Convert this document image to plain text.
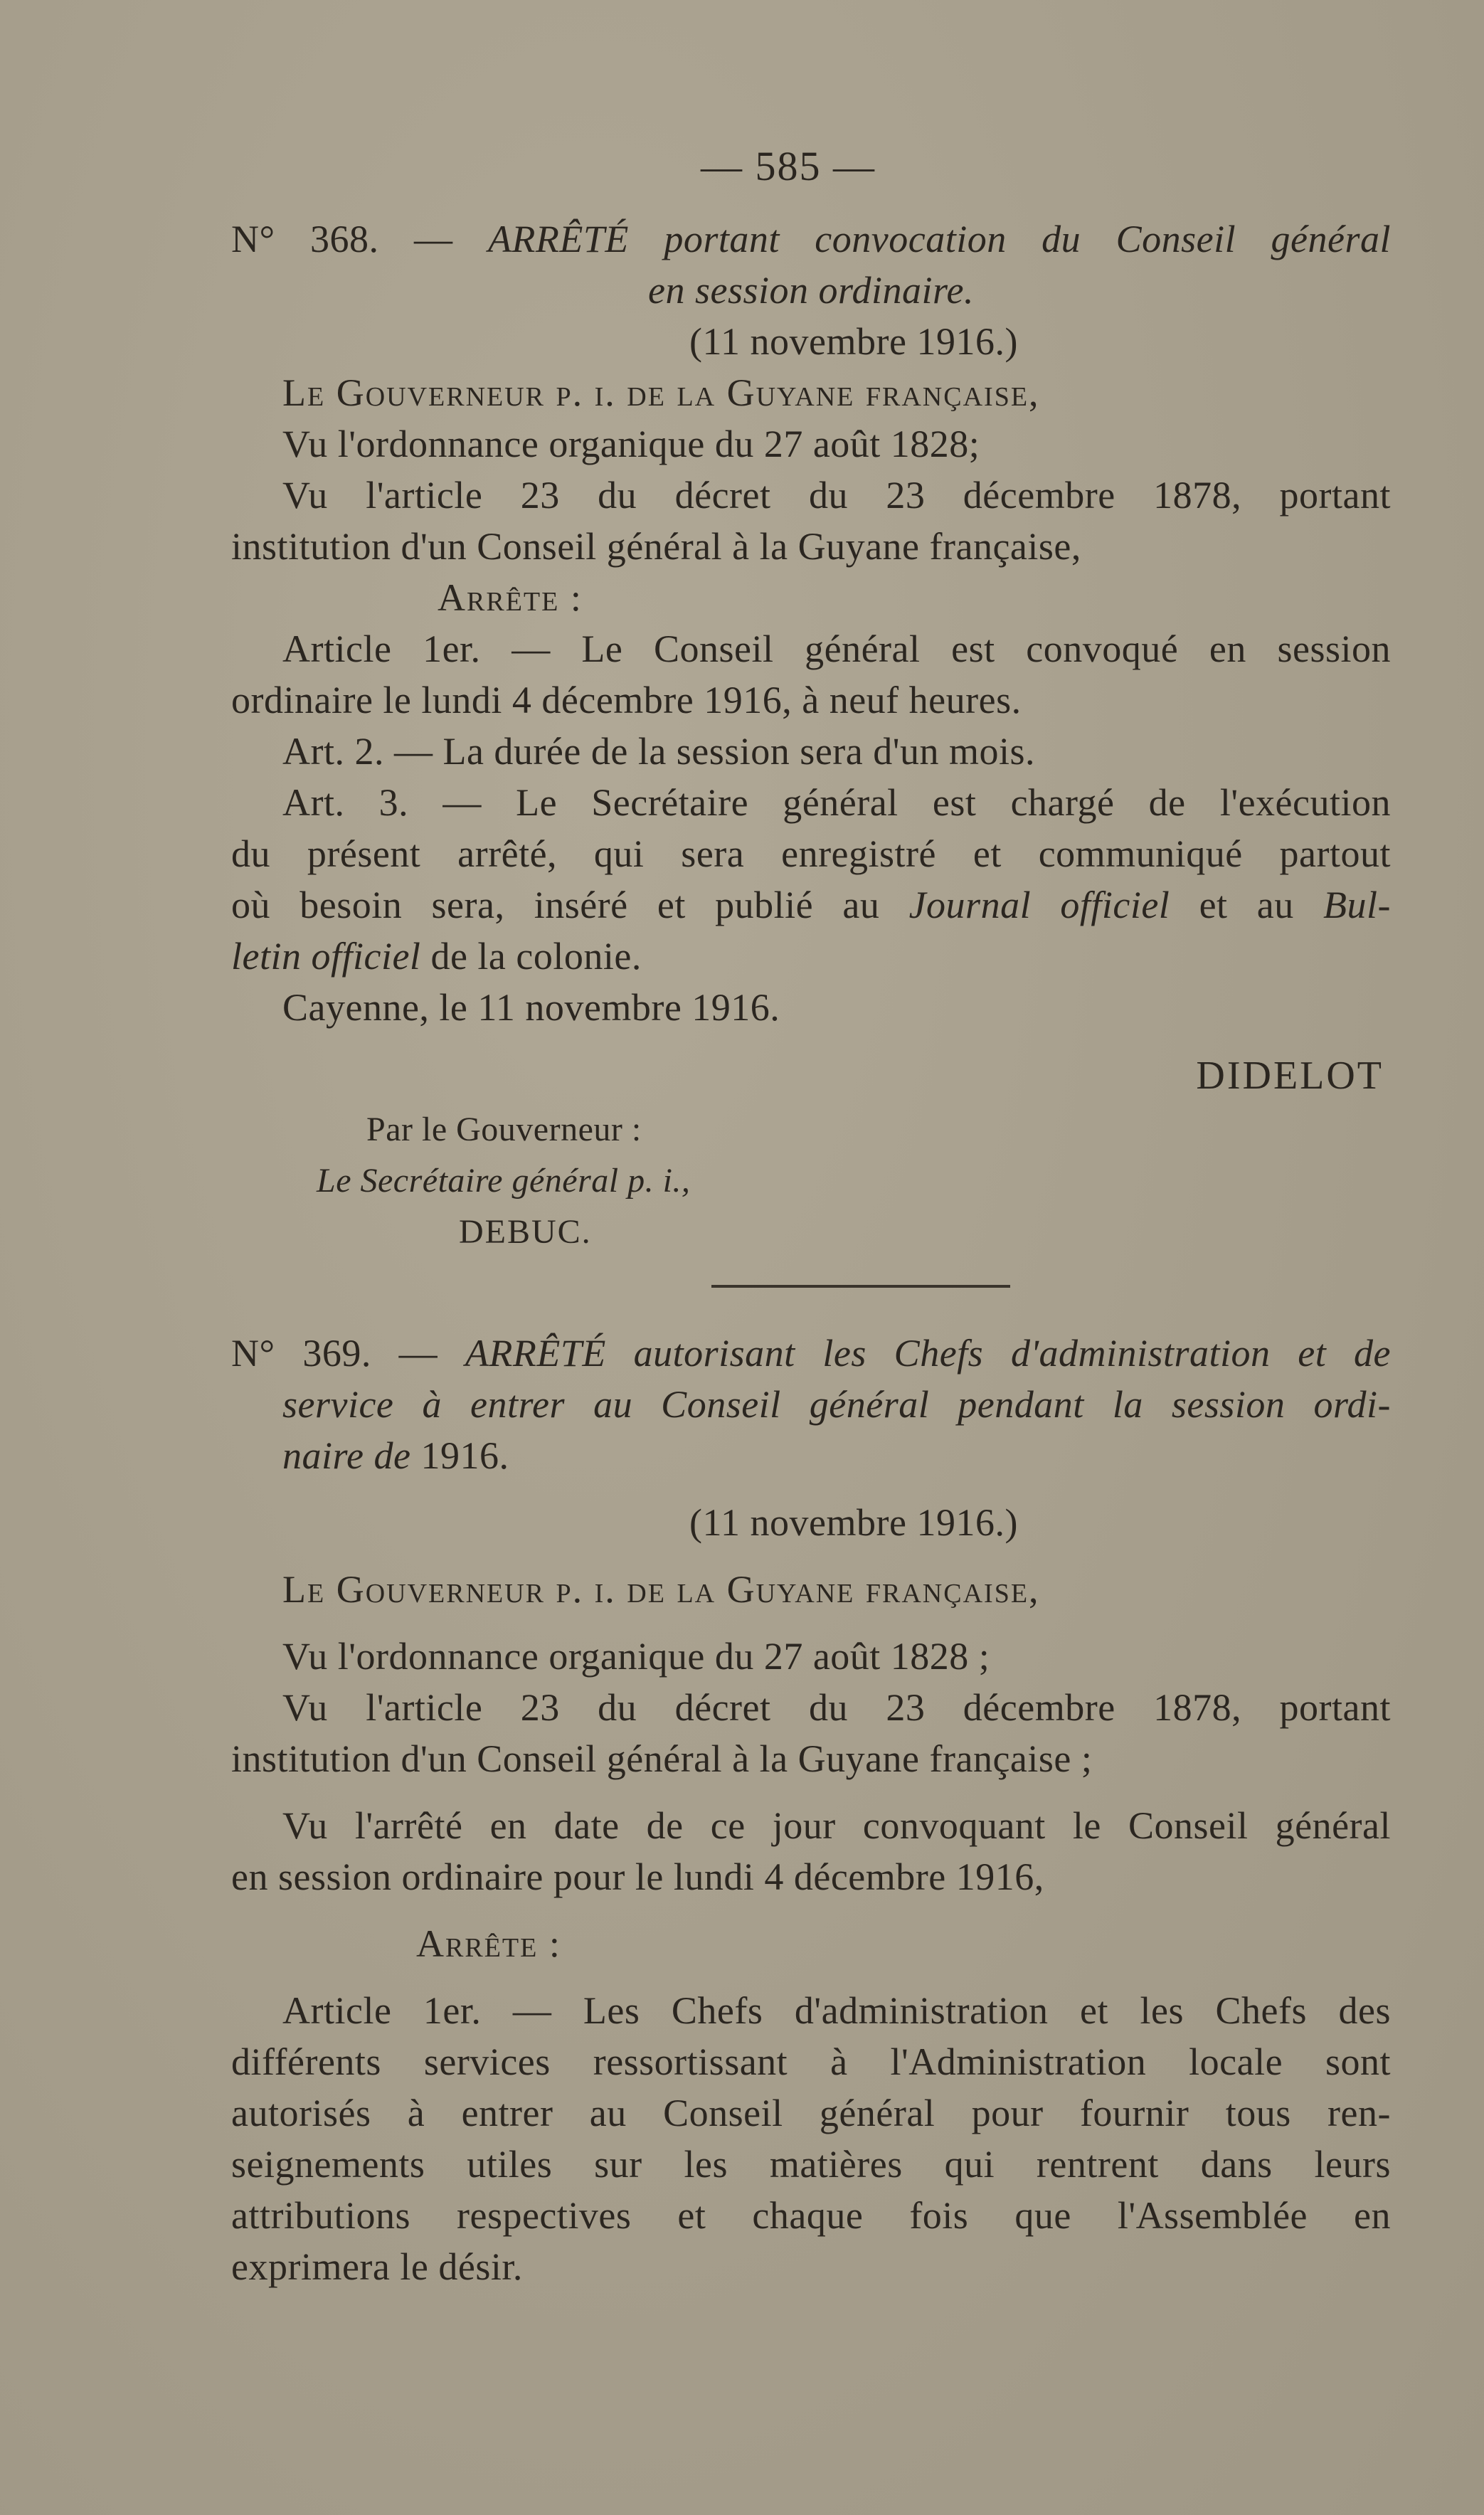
— 585 —
N° 368. — ARRÊTÉ portant convocation du Conseil général
en session ordinaire.
(11 novembre 1916.)
Le Gouverneur p. i. de la Guyane française,
Vu l'ordonnance organique du 27 août 1828;
Vu l'article 23 du décret du 23 décembre 1878, portant
institution d'un Conseil général à la Guyane française,
Arrête :
Article 1er. — Le Conseil général est convoqué en session
ordinaire le lundi 4 décembre 1916, à neuf heures.
Art. 2. — La durée de la session sera d'un mois.
Art. 3. — Le Secrétaire général est chargé de l'exécution
du présent arrêté, qui sera enregistré et communiqué partout
où besoin sera, inséré et publié au Journal officiel et au Bul-
letin officiel de la colonie.
Cayenne, le 11 novembre 1916.
DIDELOT
Par le Gouverneur :
Le Secrétaire général p. i.,
DEBUC.
N° 369. — ARRÊTÉ autorisant les Chefs d'administration et de
service à entrer au Conseil général pendant la session ordi-
naire de 1916.
(11 novembre 1916.)
Le Gouverneur p. i. de la Guyane française,
Vu l'ordonnance organique du 27 août 1828 ;
Vu l'article 23 du décret du 23 décembre 1878, portant
institution d'un Conseil général à la Guyane française ;
Vu l'arrêté en date de ce jour convoquant le Conseil général
en session ordinaire pour le lundi 4 décembre 1916,
Arrête :
Article 1er. — Les Chefs d'administration et les Chefs des
différents services ressortissant à l'Administration locale sont
autorisés à entrer au Conseil général pour fournir tous ren-
seignements utiles sur les matières qui rentrent dans leurs
attributions respectives et chaque fois que l'Assemblée en
exprimera le désir.
